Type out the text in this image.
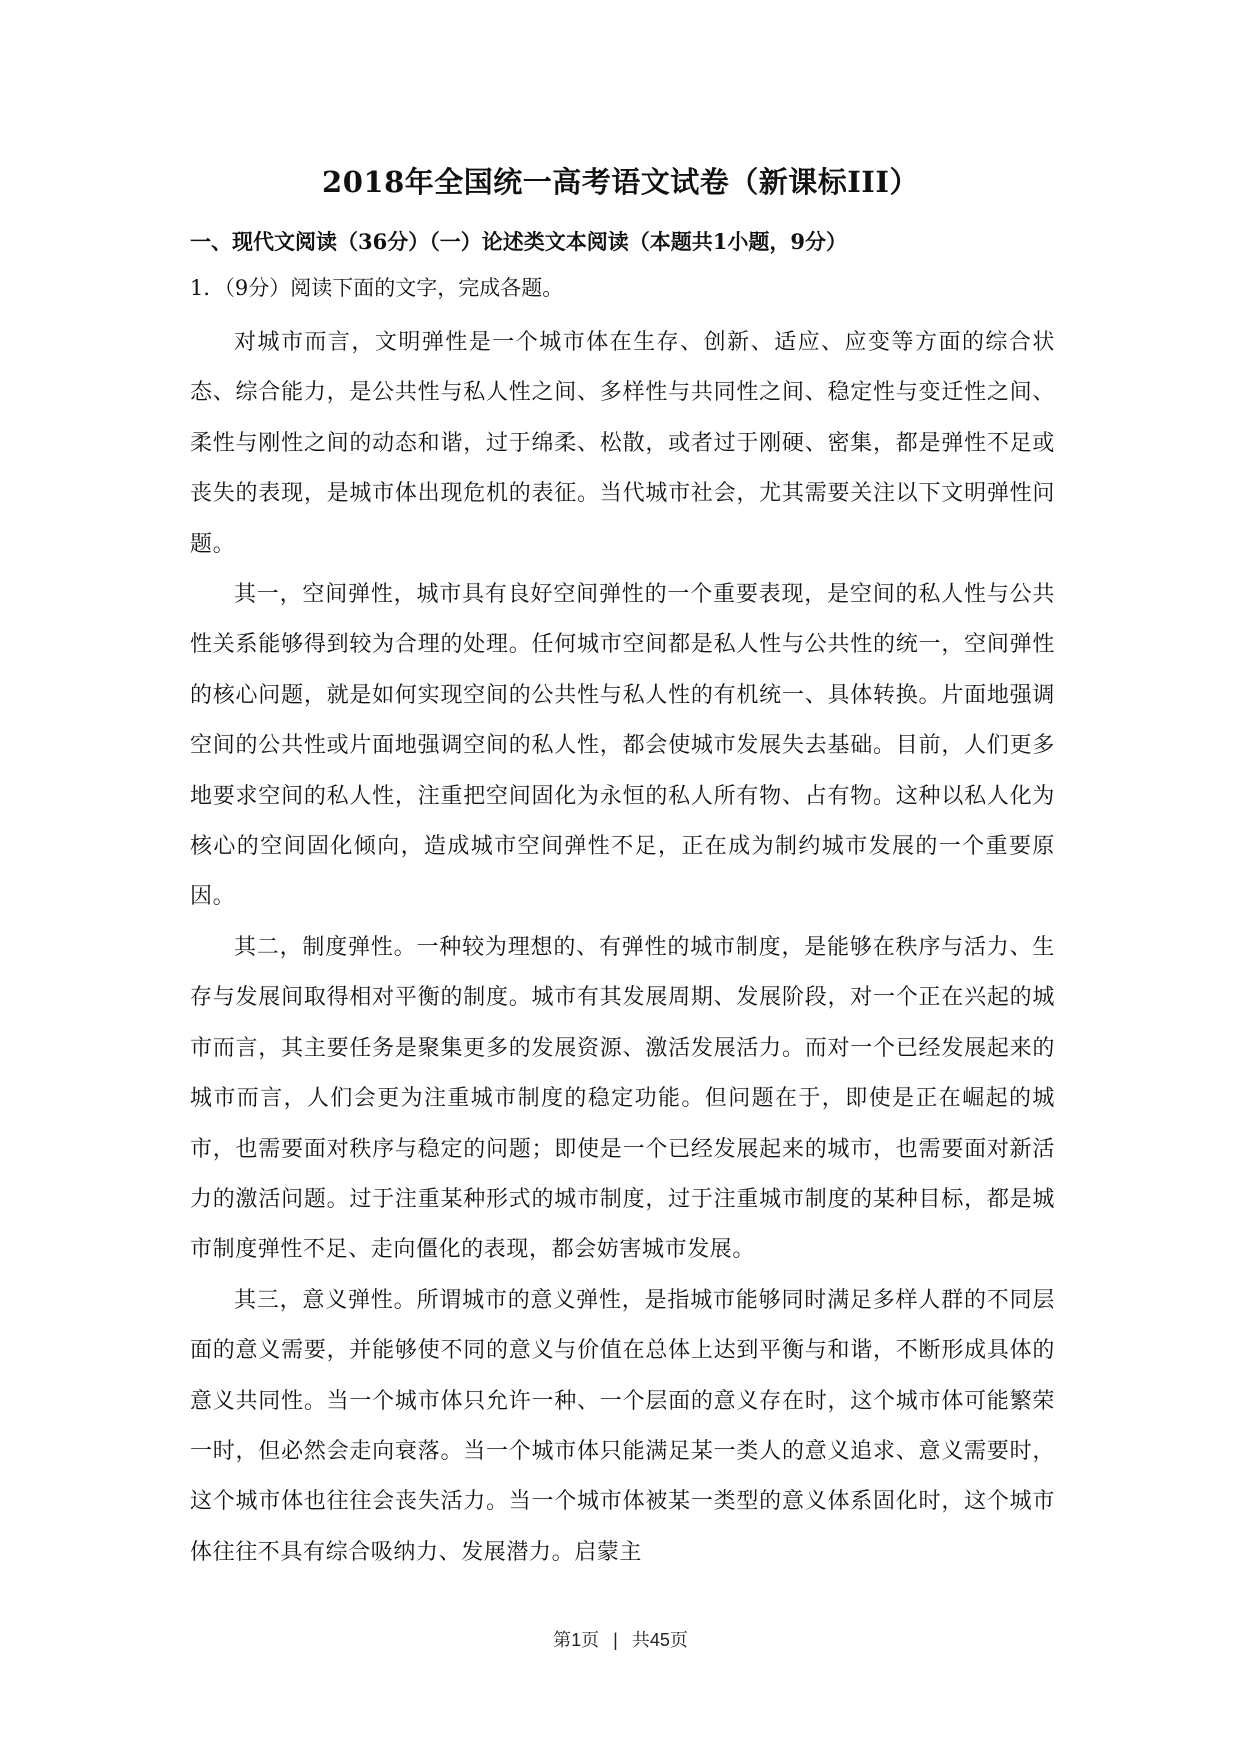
2018年全国统一高考语文试卷（新课标III）
一、现代文阅读（36分）（一）论述类文本阅读（本题共1小题，9分）
1．（9分）阅读下面的文字，完成各题。

对城市而言，文明弹性是一个城市体在生存、创新、适应、应变等方面的综合状态、综合能力，是公共性与私人性之间、多样性与共同性之间、稳定性与变迁性之间、柔性与刚性之间的动态和谐，过于绵柔、松散，或者过于刚硬、密集，都是弹性不足或丧失的表现，是城市体出现危机的表征。当代城市社会，尤其需要关注以下文明弹性问题。

其一，空间弹性，城市具有良好空间弹性的一个重要表现，是空间的私人性与公共性关系能够得到较为合理的处理。任何城市空间都是私人性与公共性的统一，空间弹性的核心问题，就是如何实现空间的公共性与私人性的有机统一、具体转换。片面地强调空间的公共性或片面地强调空间的私人性，都会使城市发展失去基础。目前，人们更多地要求空间的私人性，注重把空间固化为永恒的私人所有物、占有物。这种以私人化为核心的空间固化倾向，造成城市空间弹性不足，正在成为制约城市发展的一个重要原因。

其二，制度弹性。一种较为理想的、有弹性的城市制度，是能够在秩序与活力、生存与发展间取得相对平衡的制度。城市有其发展周期、发展阶段，对一个正在兴起的城市而言，其主要任务是聚集更多的发展资源、激活发展活力。而对一个已经发展起来的城市而言，人们会更为注重城市制度的稳定功能。但问题在于，即使是正在崛起的城市，也需要面对秩序与稳定的问题；即使是一个已经发展起来的城市，也需要面对新活力的激活问题。过于注重某种形式的城市制度，过于注重城市制度的某种目标，都是城市制度弹性不足、走向僵化的表现，都会妨害城市发展。

其三，意义弹性。所谓城市的意义弹性，是指城市能够同时满足多样人群的不同层面的意义需要，并能够使不同的意义与价值在总体上达到平衡与和谐，不断形成具体的意义共同性。当一个城市体只允许一种、一个层面的意义存在时，这个城市体可能繁荣一时，但必然会走向衰落。当一个城市体只能满足某一类人的意义追求、意义需要时，这个城市体也往往会丧失活力。当一个城市体被某一类型的意义体系固化时，这个城市体往往不具有综合吸纳力、发展潜力。启蒙主

第1页 | 共45页
